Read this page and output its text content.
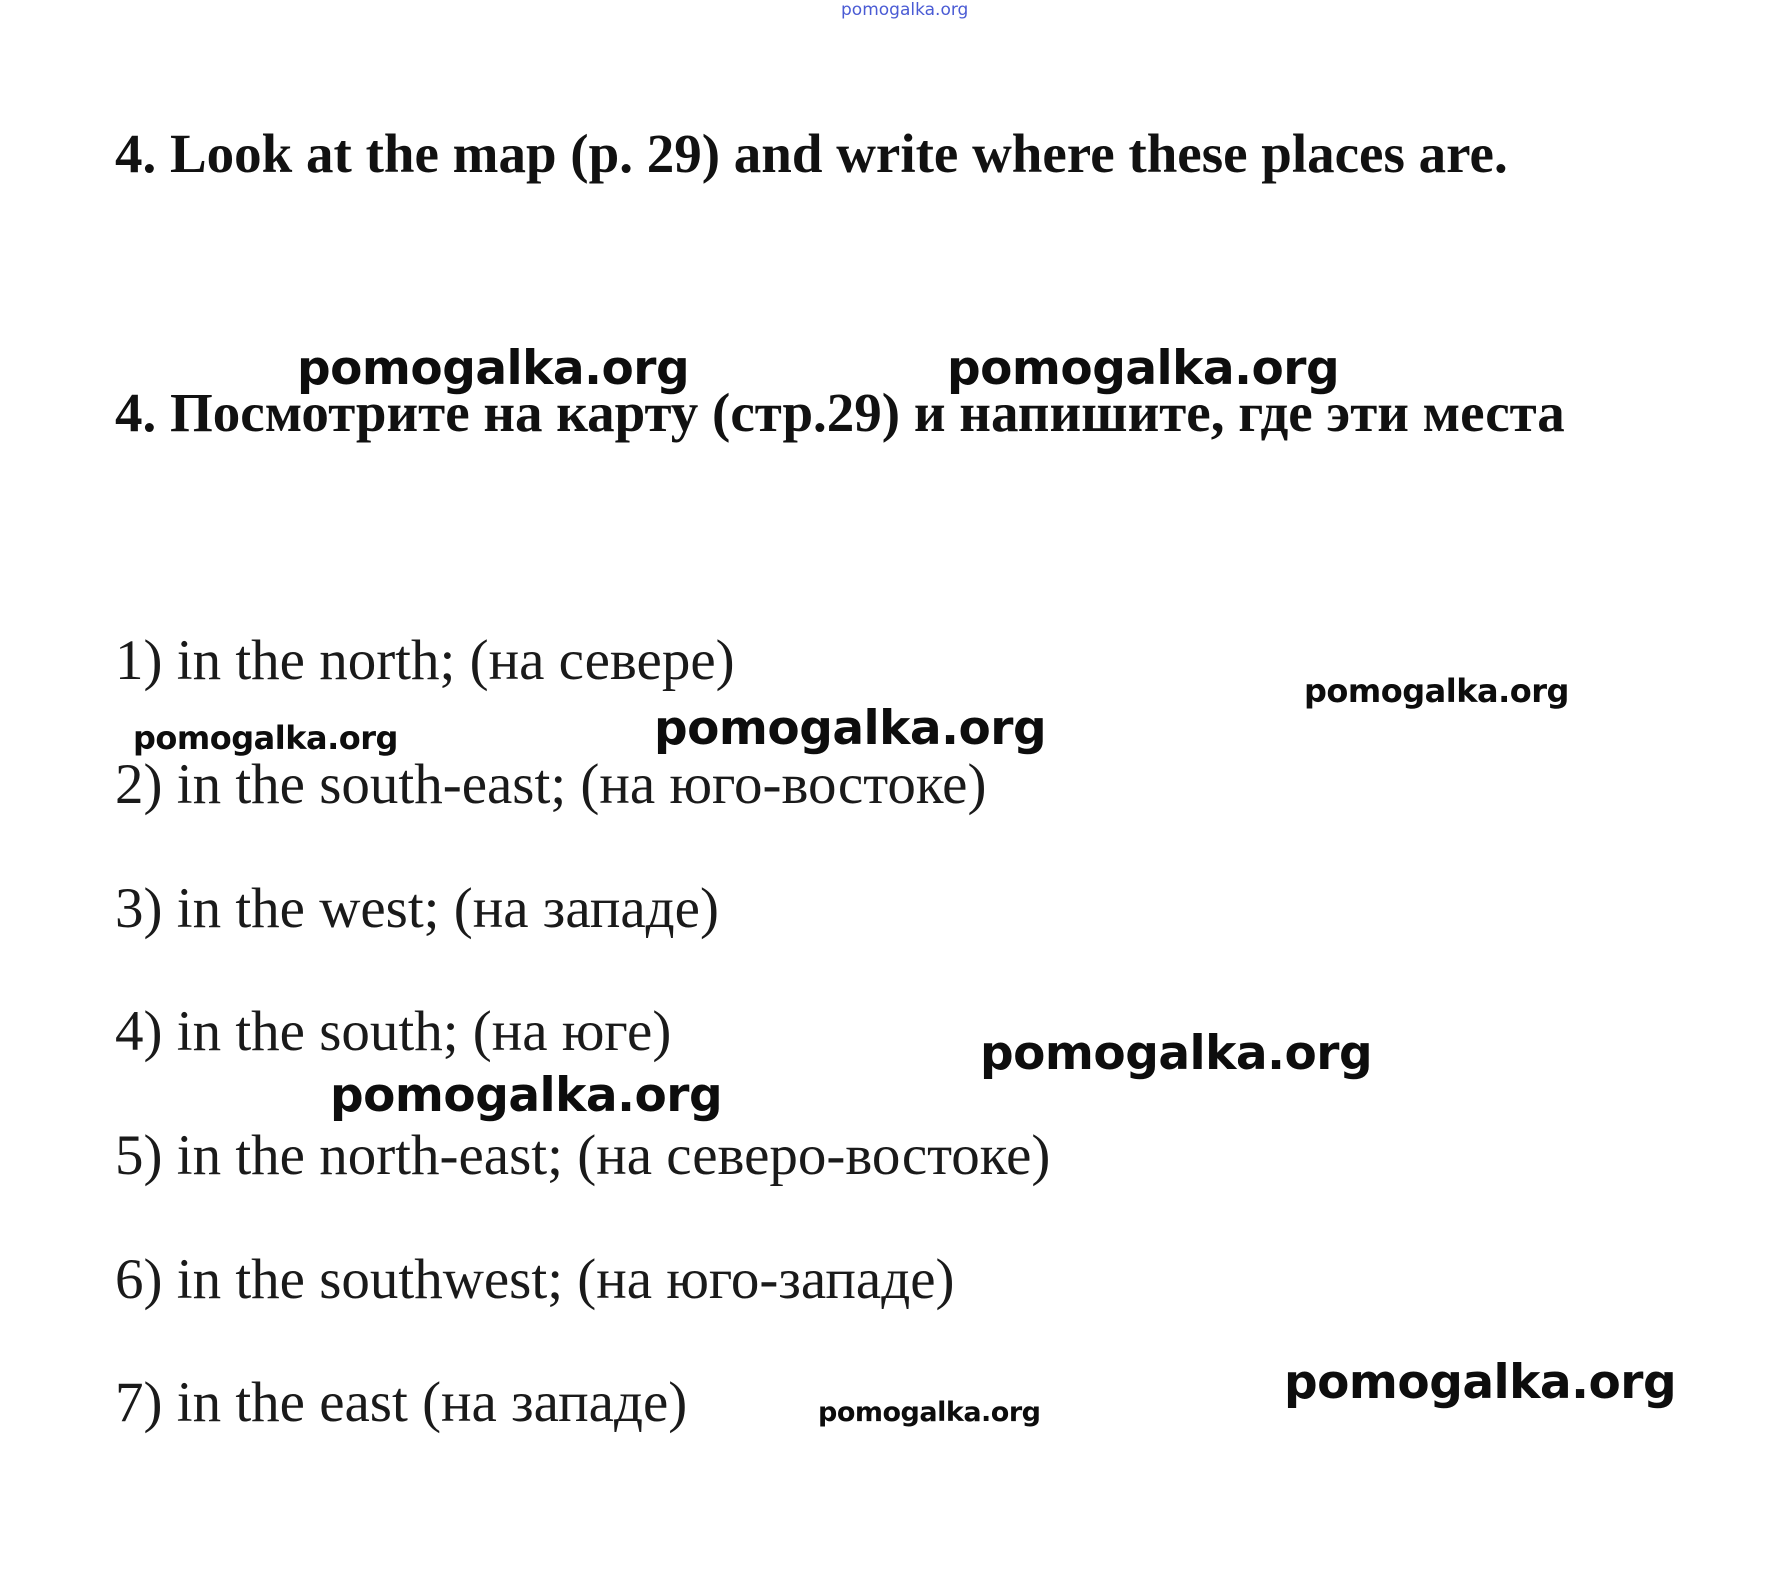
pomogalka.org
4. Look at the map (p. 29) and write where these places are.
4. Посмотрите на карту (стр.29) и напишите, где эти места
1) in the north; (на севере)
2) in the south-east; (на юго-востоке)
3) in the west; (на западе)
4) in the south; (на юге)
5) in the north-east; (на северо-востоке)
6) in the southwest; (на юго-западе)
7) in the east (на западе)
pomogalka.org	pomogalka.org
pomogalka.org
pomogalka.org	pomogalka.org
pomogalka.org
pomogalka.org
pomogalka.org
pomogalka.org
